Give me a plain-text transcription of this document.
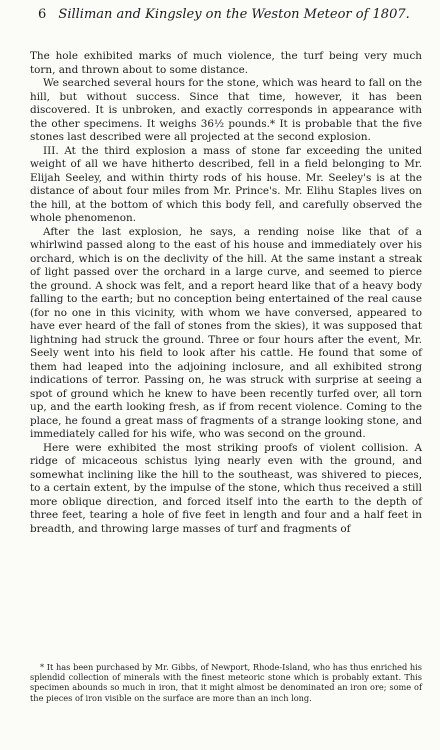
6 Silliman and Kingsley on the Weston Meteor of 1807.

The hole exhibited marks of much violence, the turf being very much torn, and thrown about to some distance.

We searched several hours for the stone, which was heard to fall on the hill, but without success. Since that time, however, it has been discovered. It is unbroken, and exactly corresponds in appearance with the other specimens. It weighs 36½ pounds.* It is probable that the five stones last described were all projected at the second explosion.

III. At the third explosion a mass of stone far exceeding the united weight of all we have hitherto described, fell in a field belonging to Mr. Elijah Seeley, and within thirty rods of his house. Mr. Seeley's is at the distance of about four miles from Mr. Prince's. Mr. Elihu Staples lives on the hill, at the bottom of which this body fell, and carefully observed the whole phenomenon.

After the last explosion, he says, a rending noise like that of a whirlwind passed along to the east of his house and immediately over his orchard, which is on the declivity of the hill. At the same instant a streak of light passed over the orchard in a large curve, and seemed to pierce the ground. A shock was felt, and a report heard like that of a heavy body falling to the earth; but no conception being entertained of the real cause (for no one in this vicinity, with whom we have conversed, appeared to have ever heard of the fall of stones from the skies), it was supposed that lightning had struck the ground. Three or four hours after the event, Mr. Seely went into his field to look after his cattle. He found that some of them had leaped into the adjoining inclosure, and all exhibited strong indications of terror. Passing on, he was struck with surprise at seeing a spot of ground which he knew to have been recently turfed over, all torn up, and the earth looking fresh, as if from recent violence. Coming to the place, he found a great mass of fragments of a strange looking stone, and immediately called for his wife, who was second on the ground.

Here were exhibited the most striking proofs of violent collision. A ridge of micaceous schistus lying nearly even with the ground, and somewhat inclining like the hill to the southeast, was shivered to pieces, to a certain extent, by the impulse of the stone, which thus received a still more oblique direction, and forced itself into the earth to the depth of three feet, tearing a hole of five feet in length and four and a half feet in breadth, and throwing large masses of turf and fragments of

* It has been purchased by Mr. Gibbs, of Newport, Rhode-Island, who has thus enriched his splendid collection of minerals with the finest meteoric stone which is probably extant. This specimen abounds so much in iron, that it might almost be denominated an iron ore; some of the pieces of iron visible on the surface are more than an inch long.
